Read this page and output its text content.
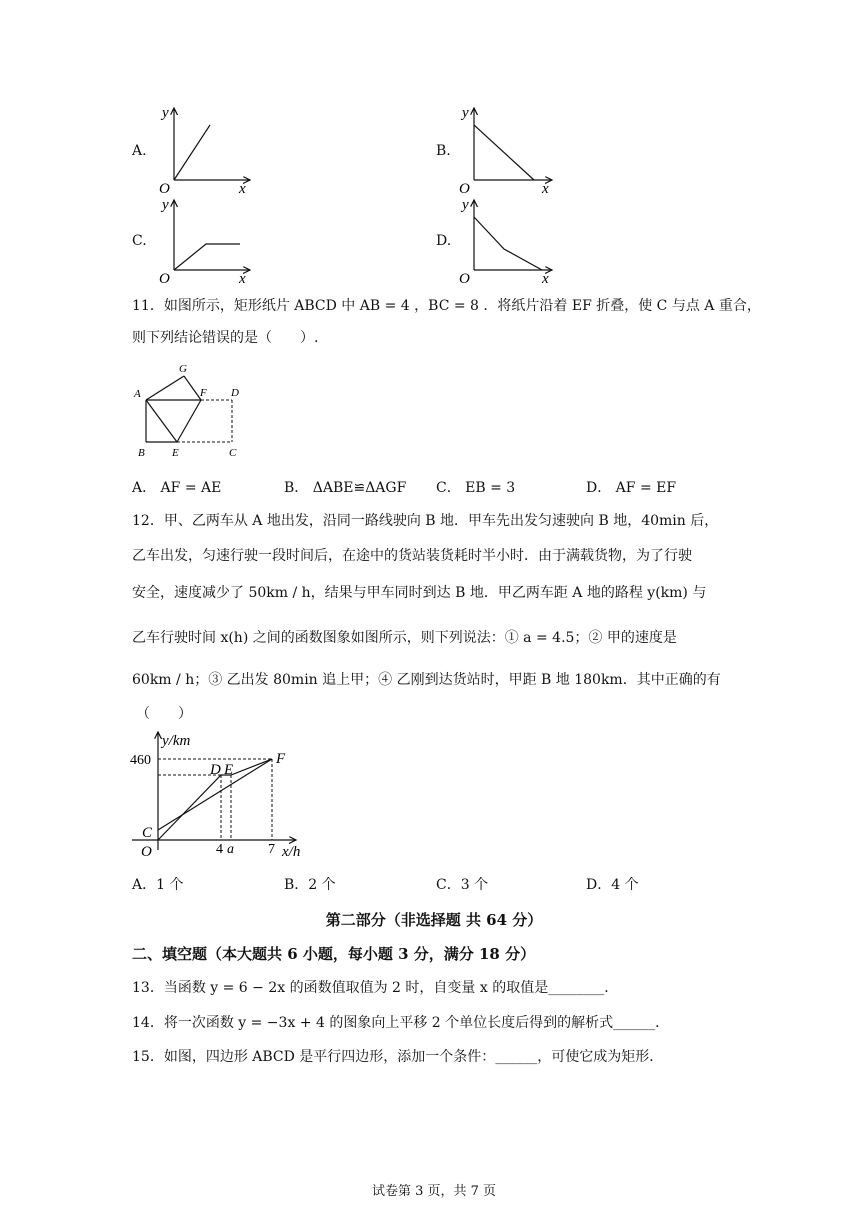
A.
y
O	x
B.
y
O	x
C.
y
O	x
D.
y
O	x
11．如图所示，矩形纸片 ABCD 中 AB = 4 ，BC = 8 ．将纸片沿着 EF 折叠，使 C 与点 A 重合，
则下列结论错误的是（　　）.
A
G
F D
B E	C
A． AF = AE	B． ΔABE≌ΔAGF C． EB = 3	D． AF = EF
12．甲、乙两车从 A 地出发，沿同一路线驶向 B 地．甲车先出发匀速驶向 B 地，40min 后，
乙车出发，匀速行驶一段时间后，在途中的货站装货耗时半小时．由于满载货物，为了行驶
安全，速度减少了 50km / h，结果与甲车同时到达 B 地．甲乙两车距 A 地的路程 y(km) 与
乙车行驶时间 x(h) 之间的函数图象如图所示，则下列说法：① a = 4.5；② 甲的速度是
60km / h；③ 乙出发 80min 追上甲；④ 乙刚到达货站时，甲距 B 地 180km．其中正确的有
（　　）
y/km
460
D E
F
C
O	4 a 7 x/h
A．1 个	B．2 个	C．3 个	D．4 个
第二部分（非选择题 共 64 分）
二、填空题（本大题共 6 小题，每小题 3 分，满分 18 分）
13．当函数 y = 6 − 2x 的函数值取值为 2 时，自变量 x 的取值是________．
14．将一次函数 y = −3x + 4 的图象向上平移 2 个单位长度后得到的解析式______．
15．如图，四边形 ABCD 是平行四边形，添加一个条件：______，可使它成为矩形．
试卷第 3 页，共 7 页
